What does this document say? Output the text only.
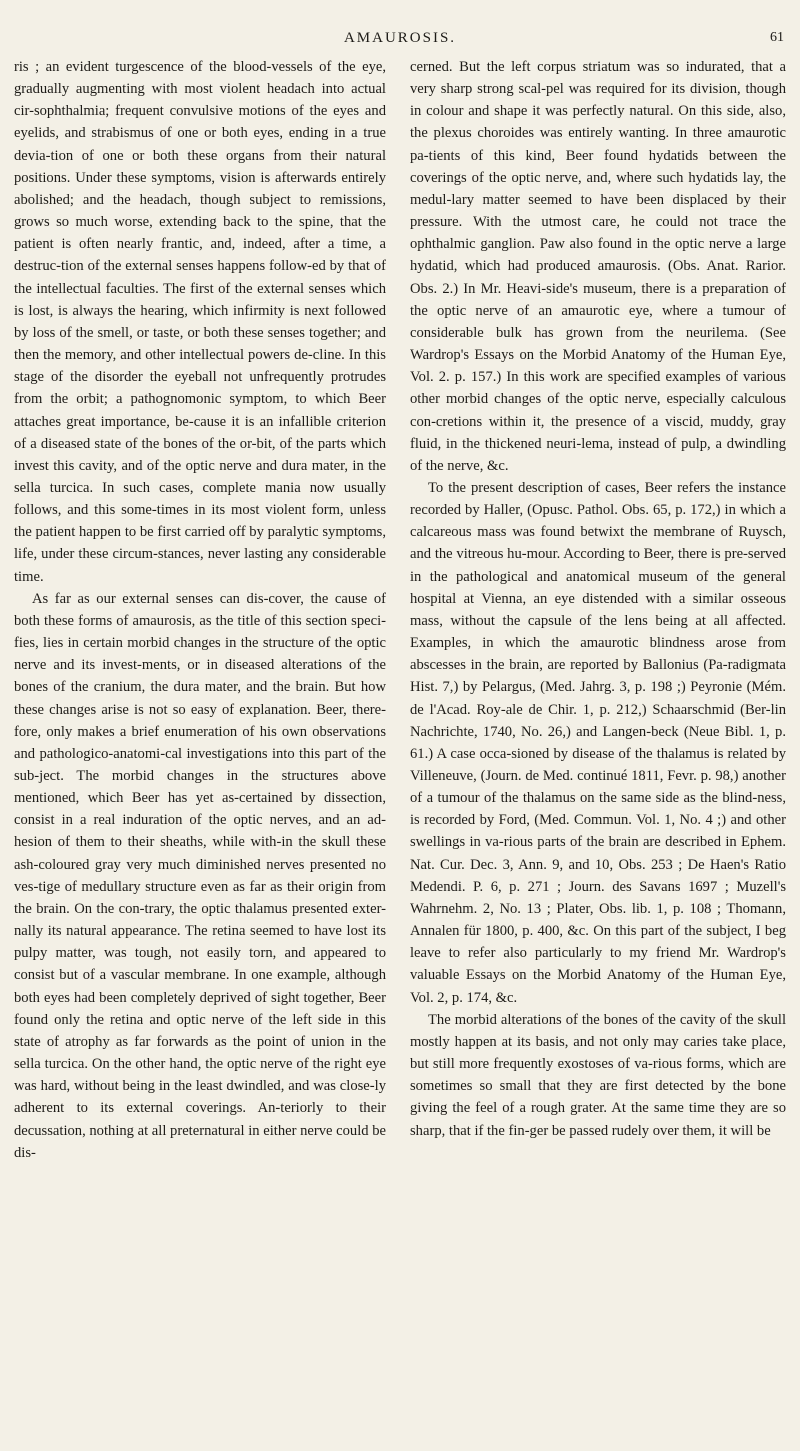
AMAUROSIS.	61

ris ; an evident turgescence of the blood-vessels of the eye, gradually augmenting with most violent headach into actual cir-sophthalmia; frequent convulsive motions of the eyes and eyelids, and strabismus of one or both eyes, ending in a true devia-tion of one or both these organs from their natural positions. Under these symptoms, vision is afterwards entirely abolished; and the headach, though subject to remissions, grows so much worse, extending back to the spine, that the patient is often nearly frantic, and, indeed, after a time, a destruc-tion of the external senses happens follow-ed by that of the intellectual faculties. The first of the external senses which is lost, is always the hearing, which infirmity is next followed by loss of the smell, or taste, or both these senses together; and then the memory, and other intellectual powers de-cline. In this stage of the disorder the eyeball not unfrequently protrudes from the orbit; a pathognomonic symptom, to which Beer attaches great importance, be-cause it is an infallible criterion of a diseased state of the bones of the or-bit, of the parts which invest this cavity, and of the optic nerve and dura mater, in the sella turcica. In such cases, complete mania now usually follows, and this some-times in its most violent form, unless the patient happen to be first carried off by paralytic symptoms, life, under these circum-stances, never lasting any considerable time.

As far as our external senses can dis-cover, the cause of both these forms of amaurosis, as the title of this section speci-fies, lies in certain morbid changes in the structure of the optic nerve and its invest-ments, or in diseased alterations of the bones of the cranium, the dura mater, and the brain. But how these changes arise is not so easy of explanation. Beer, there-fore, only makes a brief enumeration of his own observations and pathologico-anatomi-cal investigations into this part of the sub-ject. The morbid changes in the structures above mentioned, which Beer has yet as-certained by dissection, consist in a real induration of the optic nerves, and an ad-hesion of them to their sheaths, while with-in the skull these ash-coloured gray very much diminished nerves presented no ves-tige of medullary structure even as far as their origin from the brain. On the con-trary, the optic thalamus presented exter-nally its natural appearance. The retina seemed to have lost its pulpy matter, was tough, not easily torn, and appeared to consist but of a vascular membrane. In one example, although both eyes had been completely deprived of sight together, Beer found only the retina and optic nerve of the left side in this state of atrophy as far forwards as the point of union in the sella turcica. On the other hand, the optic nerve of the right eye was hard, without being in the least dwindled, and was close-ly adherent to its external coverings. An-teriorly to their decussation, nothing at all preternatural in either nerve could be dis-

cerned. But the left corpus striatum was so indurated, that a very sharp strong scal-pel was required for its division, though in colour and shape it was perfectly natural. On this side, also, the plexus choroides was entirely wanting. In three amaurotic pa-tients of this kind, Beer found hydatids between the coverings of the optic nerve, and, where such hydatids lay, the medul-lary matter seemed to have been displaced by their pressure. With the utmost care, he could not trace the ophthalmic ganglion. Paw also found in the optic nerve a large hydatid, which had produced amaurosis. (Obs. Anat. Rarior. Obs. 2.) In Mr. Heavi-side's museum, there is a preparation of the optic nerve of an amaurotic eye, where a tumour of considerable bulk has grown from the neurilema. (See Wardrop's Essays on the Morbid Anatomy of the Human Eye, Vol. 2. p. 157.) In this work are specified examples of various other morbid changes of the optic nerve, especially calculous con-cretions within it, the presence of a viscid, muddy, gray fluid, in the thickened neuri-lema, instead of pulp, a dwindling of the nerve, &c.

To the present description of cases, Beer refers the instance recorded by Haller, (Opusc. Pathol. Obs. 65, p. 172,) in which a calcareous mass was found betwixt the membrane of Ruysch, and the vitreous hu-mour. According to Beer, there is pre-served in the pathological and anatomical museum of the general hospital at Vienna, an eye distended with a similar osseous mass, without the capsule of the lens being at all affected. Examples, in which the amaurotic blindness arose from abscesses in the brain, are reported by Ballonius (Pa-radigmata Hist. 7,) by Pelargus, (Med. Jahrg. 3, p. 198 ;) Peyronie (Mém. de l'Acad. Roy-ale de Chir. 1, p. 212,) Schaarschmid (Ber-lin Nachrichte, 1740, No. 26,) and Langen-beck (Neue Bibl. 1, p. 61.) A case occa-sioned by disease of the thalamus is related by Villeneuve, (Journ. de Med. continué 1811, Fevr. p. 98,) another of a tumour of the thalamus on the same side as the blind-ness, is recorded by Ford, (Med. Commun. Vol. 1, No. 4 ;) and other swellings in va-rious parts of the brain are described in Ephem. Nat. Cur. Dec. 3, Ann. 9, and 10, Obs. 253 ; De Haen's Ratio Medendi. P. 6, p. 271 ; Journ. des Savans 1697 ; Muzell's Wahrnehm. 2, No. 13 ; Plater, Obs. lib. 1, p. 108 ; Thomann, Annalen für 1800, p. 400, &c. On this part of the subject, I beg leave to refer also particularly to my friend Mr. Wardrop's valuable Essays on the Morbid Anatomy of the Human Eye, Vol. 2, p. 174, &c.

The morbid alterations of the bones of the cavity of the skull mostly happen at its basis, and not only may caries take place, but still more frequently exostoses of va-rious forms, which are sometimes so small that they are first detected by the bone giving the feel of a rough grater. At the same time they are so sharp, that if the fin-ger be passed rudely over them, it will be
